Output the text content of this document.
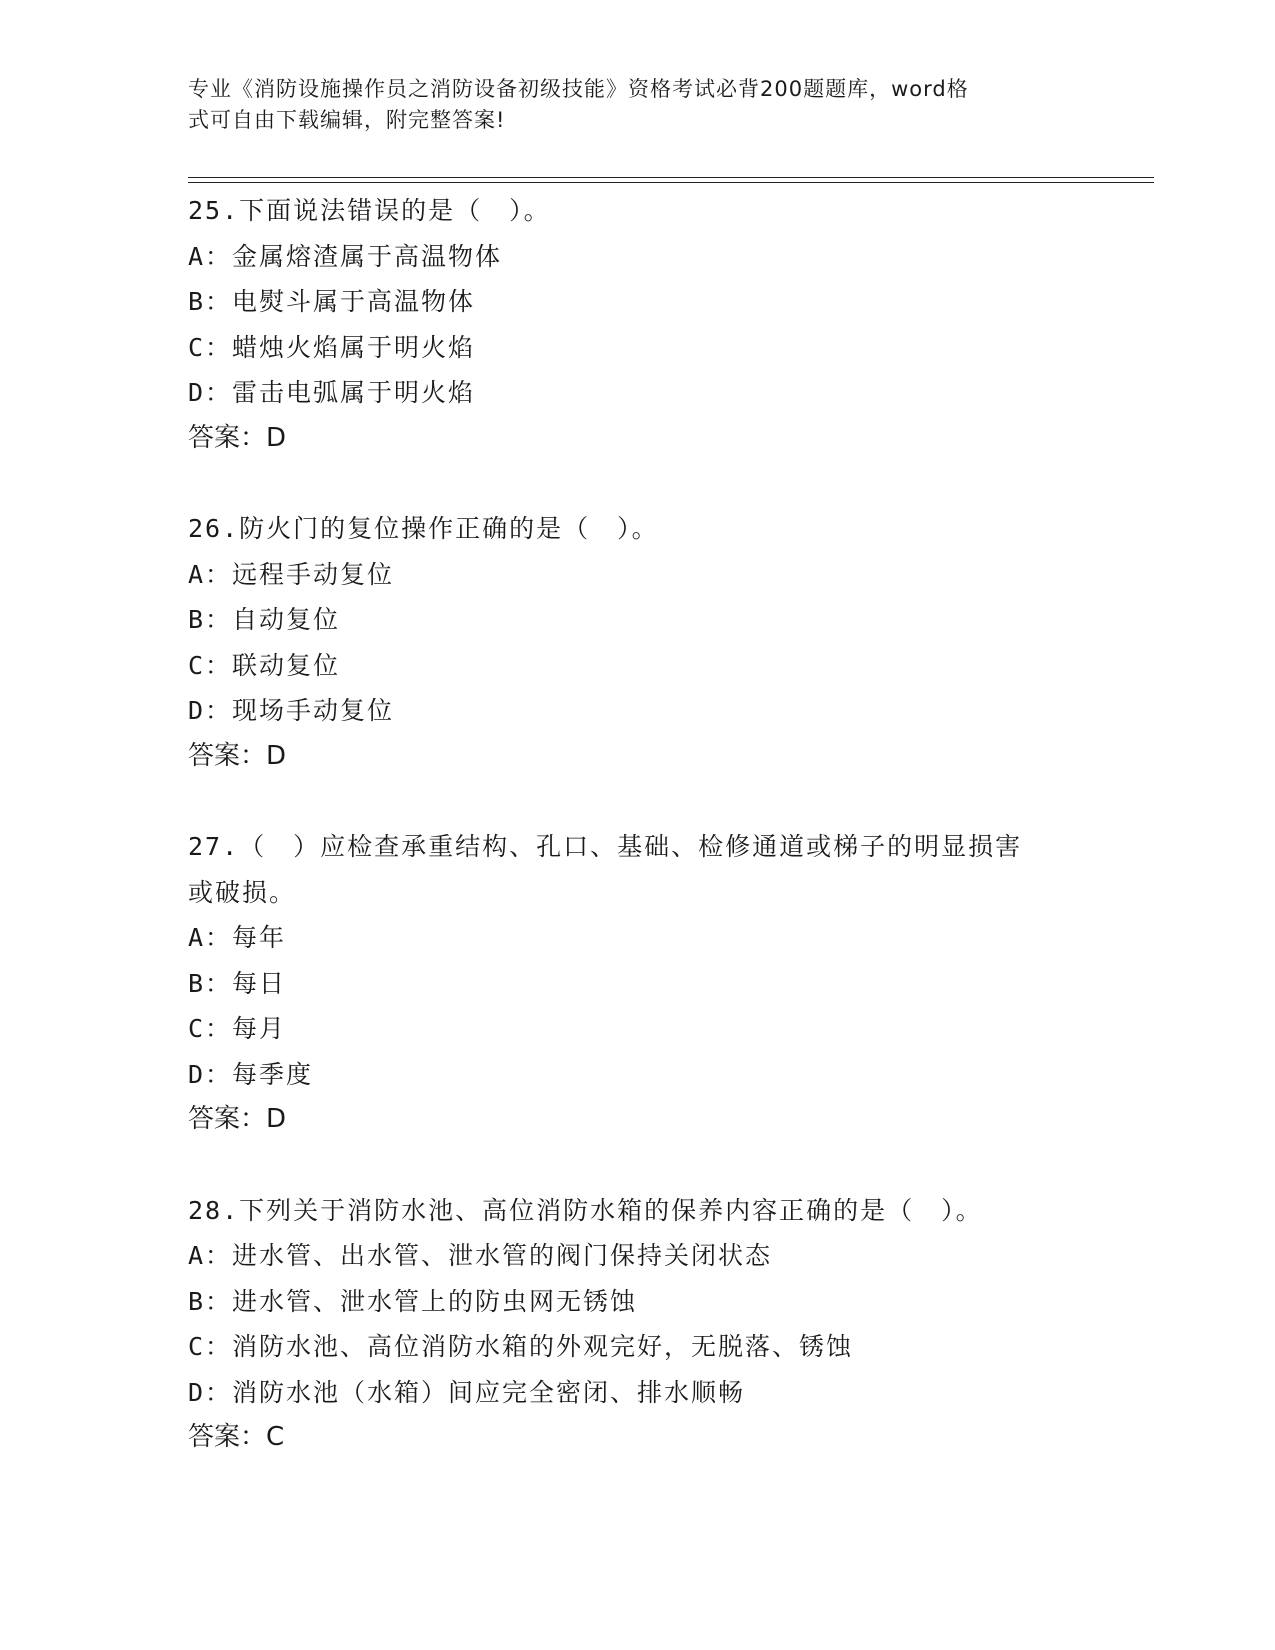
专业《消防设施操作员之消防设备初级技能》资格考试必背200题题库，word格
式可自由下载编辑，附完整答案!
25.下面说法错误的是（　）。
A：金属熔渣属于高温物体
B：电熨斗属于高温物体
C：蜡烛火焰属于明火焰
D：雷击电弧属于明火焰
答案：D
26.防火门的复位操作正确的是（　）。
A：远程手动复位
B：自动复位
C：联动复位
D：现场手动复位
答案：D
27.（　）应检查承重结构、孔口、基础、检修通道或梯子的明显损害
或破损。
A：每年
B：每日
C：每月
D：每季度
答案：D
28.下列关于消防水池、高位消防水箱的保养内容正确的是（　）。
A：进水管、出水管、泄水管的阀门保持关闭状态
B：进水管、泄水管上的防虫网无锈蚀
C：消防水池、高位消防水箱的外观完好，无脱落、锈蚀
D：消防水池（水箱）间应完全密闭、排水顺畅
答案：C
